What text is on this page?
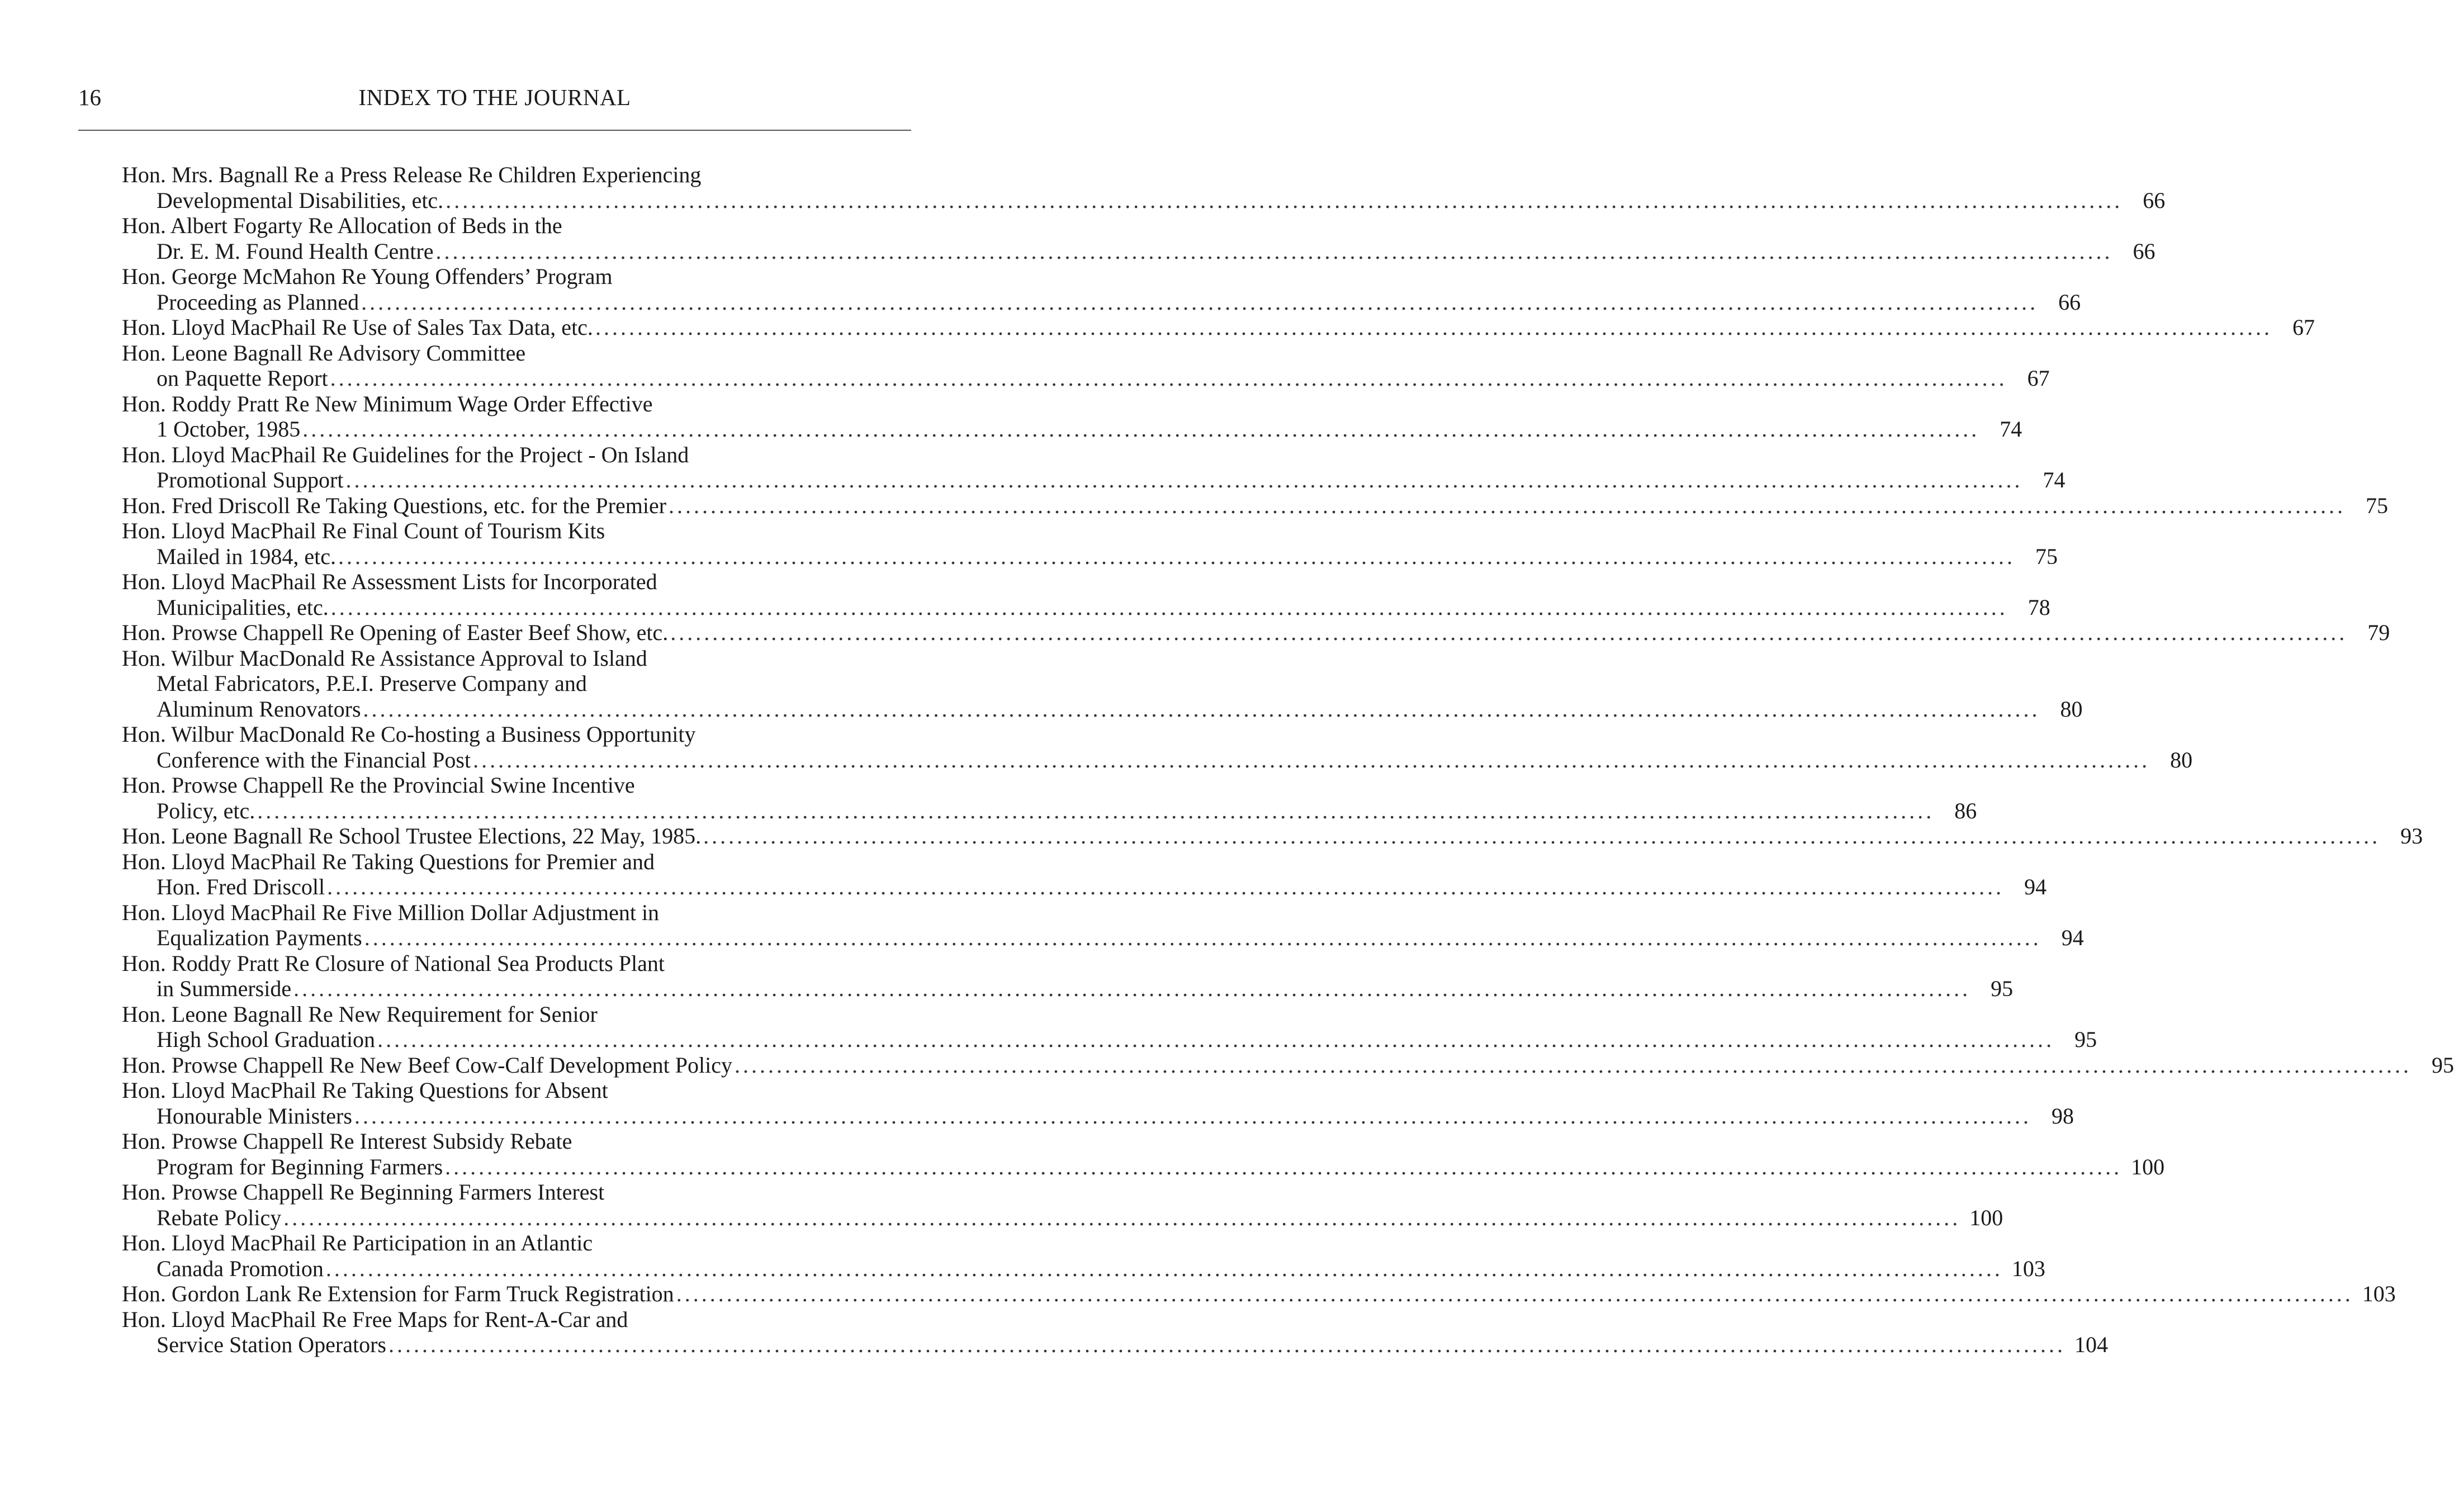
16	INDEX TO THE JOURNAL
Hon. Mrs. Bagnall Re a Press Release Re Children Experiencing
Developmental Disabilities, etc. ........................................................................................................................................................................................................ 66
Hon. Albert Fogarty Re Allocation of Beds in the
Dr. E. M. Found Health Centre ........................................................................................................................................................................................................ 66
Hon. George McMahon Re Young Offenders’ Program
Proceeding as Planned ........................................................................................................................................................................................................ 66
Hon. Lloyd MacPhail Re Use of Sales Tax Data, etc. ........................................................................................................................................................................................................ 67
Hon. Leone Bagnall Re Advisory Committee
on Paquette Report ........................................................................................................................................................................................................ 67
Hon. Roddy Pratt Re New Minimum Wage Order Effective
1 October, 1985 ........................................................................................................................................................................................................ 74
Hon. Lloyd MacPhail Re Guidelines for the Project - On Island
Promotional Support ........................................................................................................................................................................................................ 74
Hon. Fred Driscoll Re Taking Questions, etc. for the Premier ........................................................................................................................................................................................................ 75
Hon. Lloyd MacPhail Re Final Count of Tourism Kits
Mailed in 1984, etc. ........................................................................................................................................................................................................ 75
Hon. Lloyd MacPhail Re Assessment Lists for Incorporated
Municipalities, etc. ........................................................................................................................................................................................................ 78
Hon. Prowse Chappell Re Opening of Easter Beef Show, etc. ........................................................................................................................................................................................................ 79
Hon. Wilbur MacDonald Re Assistance Approval to Island
Metal Fabricators, P.E.I. Preserve Company and
Aluminum Renovators ........................................................................................................................................................................................................ 80
Hon. Wilbur MacDonald Re Co-hosting a Business Opportunity
Conference with the Financial Post ........................................................................................................................................................................................................ 80
Hon. Prowse Chappell Re the Provincial Swine Incentive
Policy, etc. ........................................................................................................................................................................................................ 86
Hon. Leone Bagnall Re School Trustee Elections, 22 May, 1985. ........................................................................................................................................................................................................ 93
Hon. Lloyd MacPhail Re Taking Questions for Premier and
Hon. Fred Driscoll ........................................................................................................................................................................................................ 94
Hon. Lloyd MacPhail Re Five Million Dollar Adjustment in
Equalization Payments ........................................................................................................................................................................................................ 94
Hon. Roddy Pratt Re Closure of National Sea Products Plant
in Summerside ........................................................................................................................................................................................................ 95
Hon. Leone Bagnall Re New Requirement for Senior
High School Graduation ........................................................................................................................................................................................................ 95
Hon. Prowse Chappell Re New Beef Cow-Calf Development Policy ........................................................................................................................................................................................................ 95
Hon. Lloyd MacPhail Re Taking Questions for Absent
Honourable Ministers ........................................................................................................................................................................................................ 98
Hon. Prowse Chappell Re Interest Subsidy Rebate
Program for Beginning Farmers ........................................................................................................................................................................................................ 100
Hon. Prowse Chappell Re Beginning Farmers Interest
Rebate Policy ........................................................................................................................................................................................................ 100
Hon. Lloyd MacPhail Re Participation in an Atlantic
Canada Promotion ........................................................................................................................................................................................................ 103
Hon. Gordon Lank Re Extension for Farm Truck Registration ........................................................................................................................................................................................................ 103
Hon. Lloyd MacPhail Re Free Maps for Rent-A-Car and
Service Station Operators ........................................................................................................................................................................................................ 104
